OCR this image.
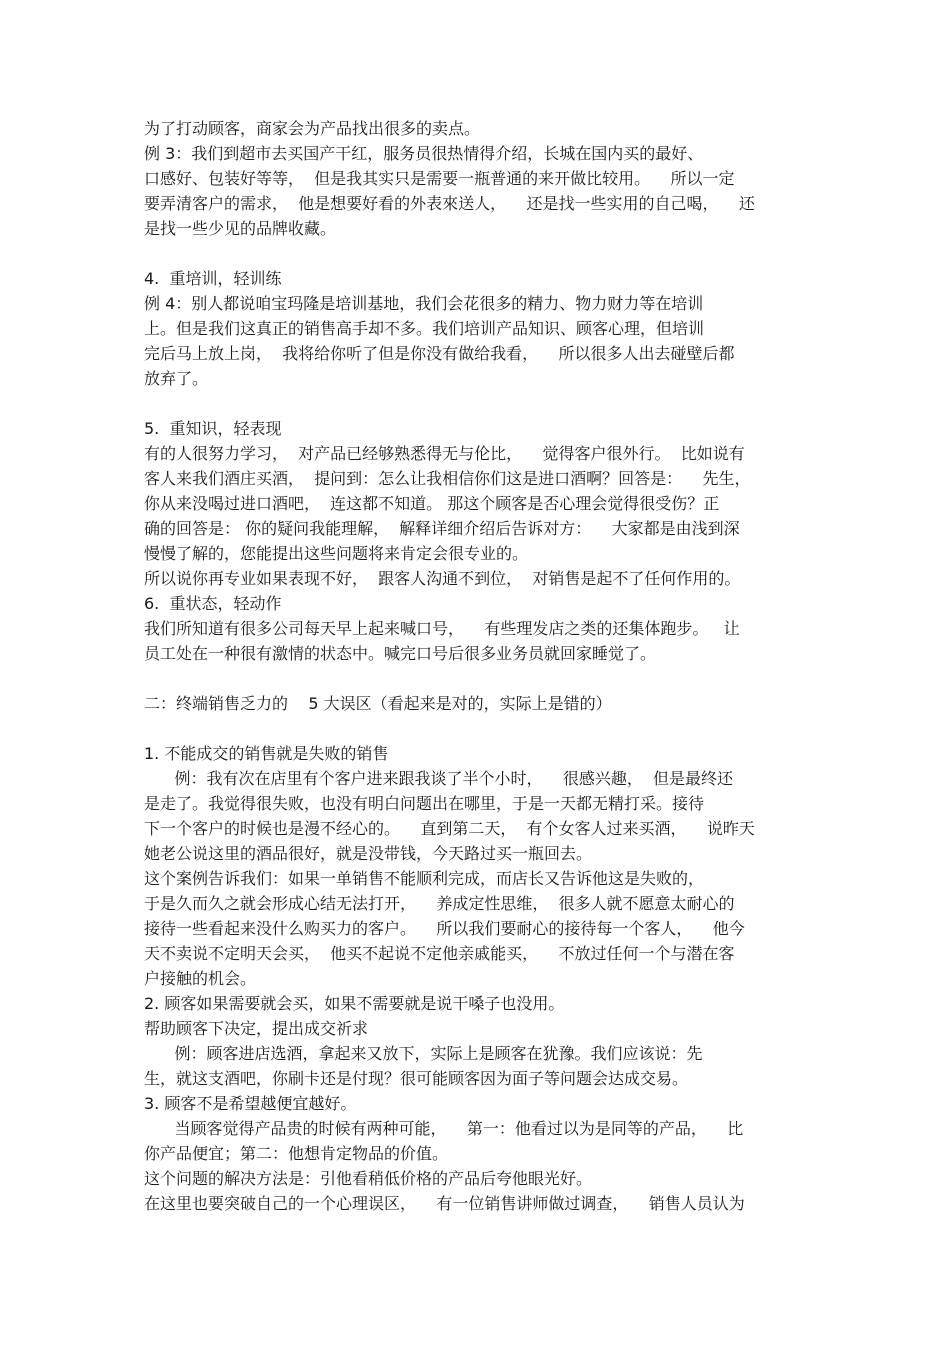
为了打动顾客，商家会为产品找出很多的卖点。
例 3：我们到超市去买国产干红，服务员很热情得介绍，长城在国内买的最好、
口感好、包装好等等，  但是我其实只是需要一瓶普通的来开做比较用。    所以一定
要弄清客户的需求，  他是想要好看的外表來送人，    还是找一些实用的自己喝，    还
是找一些少见的品牌收藏。
4.  重培训，轻训练
例 4：别人都说咱宝玛隆是培训基地，我们会花很多的精力、物力财力等在培训
上。但是我们这真正的销售高手却不多。我们培训产品知识、顾客心理，但培训
完后马上放上岗，  我将给你听了但是你没有做给我看，    所以很多人出去碰壁后都
放弃了。
5.  重知识，轻表现
有的人很努力学习，  对产品已经够熟悉得无与伦比，    觉得客户很外行。  比如说有
客人来我们酒庄买酒，  提问到：怎么让我相信你们这是进口酒啊？回答是：    先生，
你从来没喝过进口酒吧，  连这都不知道。 那这个顾客是否心理会觉得很受伤？正
确的回答是： 你的疑问我能理解，  解释详细介绍后告诉对方：    大家都是由浅到深
慢慢了解的，您能提出这些问题将来肯定会很专业的。
所以说你再专业如果表现不好，  跟客人沟通不到位，  对销售是起不了任何作用的。
6.  重状态，轻动作
我们所知道有很多公司每天早上起来喊口号，    有些理发店之类的还集体跑步。   让
员工处在一种很有激情的状态中。喊完口号后很多业务员就回家睡觉了。
二：终端销售乏力的    5 大误区（看起来是对的，实际上是错的）
1. 不能成交的销售就是失败的销售
例：我有次在店里有个客户进来跟我谈了半个小时，    很感兴趣，  但是最终还
是走了。我觉得很失败，也没有明白问题出在哪里，于是一天都无精打采。接待
下一个客户的时候也是漫不经心的。    直到第二天，  有个女客人过来买酒，    说昨天
她老公说这里的酒品很好，就是没带钱，今天路过买一瓶回去。
这个案例告诉我们：如果一单销售不能顺利完成，而店长又告诉他这是失败的，
于是久而久之就会形成心结无法打开，    养成定性思维，  很多人就不愿意太耐心的
接待一些看起来没什么购买力的客户。    所以我们要耐心的接待每一个客人，    他今
天不卖说不定明天会买，  他买不起说不定他亲戚能买，    不放过任何一个与潜在客
户接触的机会。
2. 顾客如果需要就会买，如果不需要就是说干嗓子也没用。
帮助顾客下决定，提出成交祈求
例：顾客进店选酒，拿起来又放下，实际上是顾客在犹豫。我们应该说：先
生，就这支酒吧，你刷卡还是付现？很可能顾客因为面子等问题会达成交易。
3. 顾客不是希望越便宜越好。
当顾客觉得产品贵的时候有两种可能，    第一：他看过以为是同等的产品，    比
你产品便宜；第二：他想肯定物品的价值。
这个问题的解决方法是：引他看稍低价格的产品后夸他眼光好。
在这里也要突破自己的一个心理误区，    有一位销售讲师做过调查，    销售人员认为
